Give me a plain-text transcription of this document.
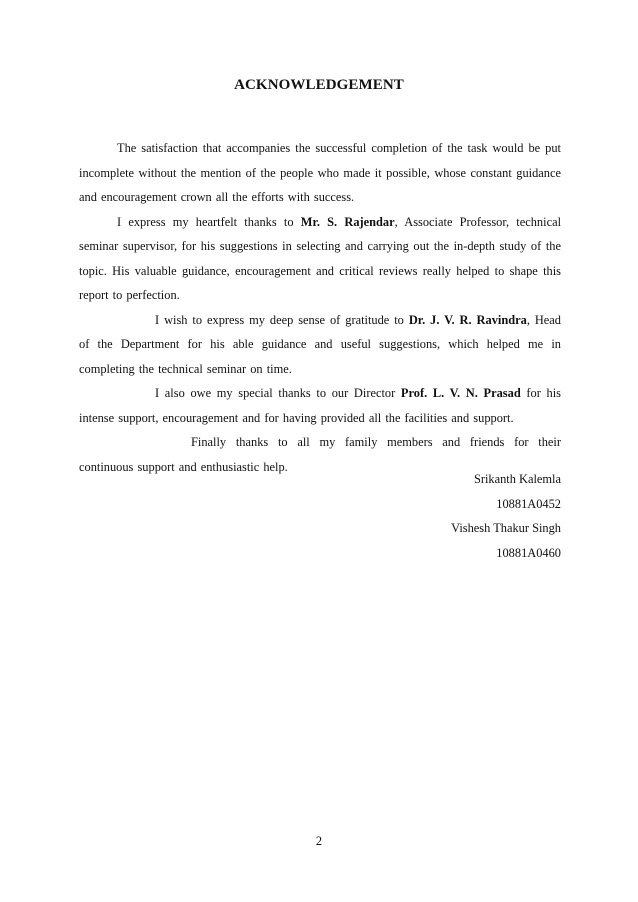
ACKNOWLEDGEMENT

The satisfaction that accompanies the successful completion of the task would be put incomplete without the mention of the people who made it possible, whose constant guidance and encouragement crown all the efforts with success.

I express my heartfelt thanks to Mr. S. Rajendar, Associate Professor, technical seminar supervisor, for his suggestions in selecting and carrying out the in-depth study of the topic. His valuable guidance, encouragement and critical reviews really helped to shape this report to perfection.

I wish to express my deep sense of gratitude to Dr. J. V. R. Ravindra, Head of the Department for his able guidance and useful suggestions, which helped me in completing the technical seminar on time.

I also owe my special thanks to our Director Prof. L. V. N. Prasad for his intense support, encouragement and for having provided all the facilities and support.

Finally thanks to all my family members and friends for their continuous support and enthusiastic help.

Srikanth Kalemla
10881A0452
Vishesh Thakur Singh
10881A0460
2
